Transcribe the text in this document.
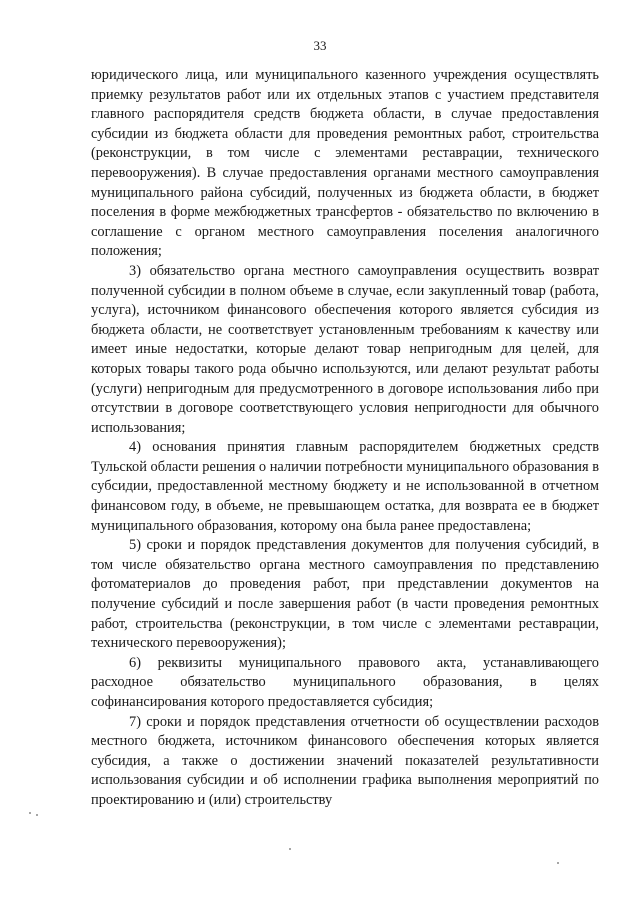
33

юридического лица, или муниципального казенного учреждения осуществлять приемку результатов работ или их отдельных этапов с участием представителя главного распорядителя средств бюджета области, в случае предоставления субсидии из бюджета области для проведения ремонтных работ, строительства (реконструкции, в том числе с элементами реставрации, технического перевооружения). В случае предоставления органами местного самоуправления муниципального района субсидий, полученных из бюджета области, в бюджет поселения в форме межбюджетных трансфертов - обязательство по включению в соглашение с органом местного самоуправления поселения аналогичного положения;

3) обязательство органа местного самоуправления осуществить возврат полученной субсидии в полном объеме в случае, если закупленный товар (работа, услуга), источником финансового обеспечения которого является субсидия из бюджета области, не соответствует установленным требованиям к качеству или имеет иные недостатки, которые делают товар непригодным для целей, для которых товары такого рода обычно используются, или делают результат работы (услуги) непригодным для предусмотренного в договоре использования либо при отсутствии в договоре соответствующего условия непригодности для обычного использования;

4) основания принятия главным распорядителем бюджетных средств Тульской области решения о наличии потребности муниципального образования в субсидии, предоставленной местному бюджету и не использованной в отчетном финансовом году, в объеме, не превышающем остатка, для возврата ее в бюджет муниципального образования, которому она была ранее предоставлена;

5) сроки и порядок представления документов для получения субсидий, в том числе обязательство органа местного самоуправления по представлению фотоматериалов до проведения работ, при представлении документов на получение субсидий и после завершения работ (в части проведения ремонтных работ, строительства (реконструкции, в том числе с элементами реставрации, технического перевооружения);

6) реквизиты муниципального правового акта, устанавливающего расходное обязательство муниципального образования, в целях софинансирования которого предоставляется субсидия;

7) сроки и порядок представления отчетности об осуществлении расходов местного бюджета, источником финансового обеспечения которых является субсидия, а также о достижении значений показателей результативности использования субсидии и об исполнении графика выполнения мероприятий по проектированию и (или) строительству
